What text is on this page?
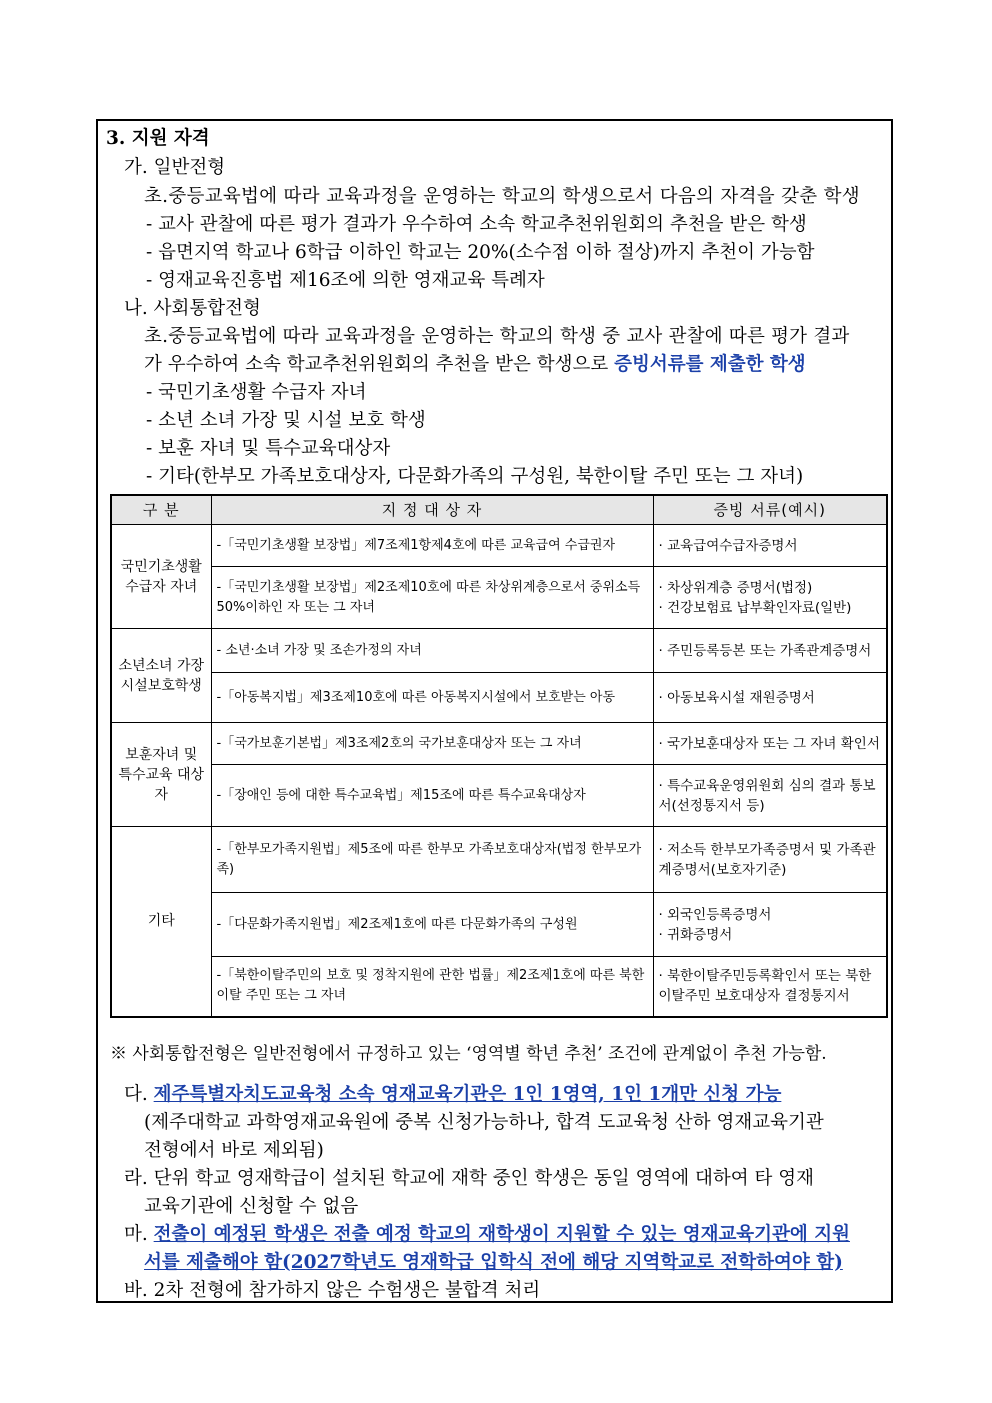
3. 지원 자격
가. 일반전형
초.중등교육법에 따라 교육과정을 운영하는 학교의 학생으로서 다음의 자격을 갖춘 학생
- 교사 관찰에 따른 평가 결과가 우수하여 소속 학교추천위원회의 추천을 받은 학생
- 읍면지역 학교나 6학급 이하인 학교는 20%(소수점 이하 절상)까지 추천이 가능함
- 영재교육진흥법 제16조에 의한 영재교육 특례자
나. 사회통합전형
초.중등교육법에 따라 교육과정을 운영하는 학교의 학생 중 교사 관찰에 따른 평가 결과
가 우수하여 소속 학교추천위원회의 추천을 받은 학생으로 증빙서류를 제출한 학생
- 국민기초생활 수급자 자녀
- 소년 소녀 가장 및 시설 보호 학생
- 보훈 자녀 및 특수교육대상자
- 기타(한부모 가족보호대상자, 다문화가족의 구성원, 북한이탈 주민 또는 그 자녀)
구 분	지 정 대 상 자	증빙 서류(예시)
국민기초생활 수급자 자녀	-「국민기초생활 보장법」제7조제1항제4호에 따른 교육급여 수급권자	· 교육급여수급자증명서
	-「국민기초생활 보장법」제2조제10호에 따른 차상위계층으로서 중위소득 50%이하인 자 또는 그 자녀	· 차상위계층 증명서(법정)
· 건강보험료 납부확인자료(일반)
소년소녀 가장 시설보호학생	- 소년·소녀 가장 및 조손가정의 자녀	· 주민등록등본 또는 가족관계증명서
	-「아동복지법」제3조제10호에 따른 아동복지시설에서 보호받는 아동	· 아동보육시설 재원증명서
보훈자녀 및 특수교육 대상자	-「국가보훈기본법」제3조제2호의 국가보훈대상자 또는 그 자녀	· 국가보훈대상자 또는 그 자녀 확인서
	-「장애인 등에 대한 특수교육법」제15조에 따른 특수교육대상자	· 특수교육운영위원회 심의 결과 통보서(선정통지서 등)
기타	-「한부모가족지원법」제5조에 따른 한부모 가족보호대상자(법정 한부모가족)	· 저소득 한부모가족증명서 및 가족관계증명서(보호자기준)
	-「다문화가족지원법」제2조제1호에 따른 다문화가족의 구성원	· 외국인등록증명서
· 귀화증명서
	-「북한이탈주민의 보호 및 정착지원에 관한 법률」제2조제1호에 따른 북한이탈 주민 또는 그 자녀	· 북한이탈주민등록확인서 또는 북한이탈주민 보호대상자 결정통지서
※ 사회통합전형은 일반전형에서 규정하고 있는 ‘영역별 학년 추천’ 조건에 관계없이 추천 가능함.
다. 제주특별자치도교육청 소속 영재교육기관은 1인 1영역, 1인 1개만 신청 가능
(제주대학교 과학영재교육원에 중복 신청가능하나, 합격 도교육청 산하 영재교육기관
전형에서 바로 제외됨)
라. 단위 학교 영재학급이 설치된 학교에 재학 중인 학생은 동일 영역에 대하여 타 영재
교육기관에 신청할 수 없음
마. 전출이 예정된 학생은 전출 예정 학교의 재학생이 지원할 수 있는 영재교육기관에 지원
서를 제출해야 함(2027학년도 영재학급 입학식 전에 해당 지역학교로 전학하여야 함)
바. 2차 전형에 참가하지 않은 수험생은 불합격 처리
